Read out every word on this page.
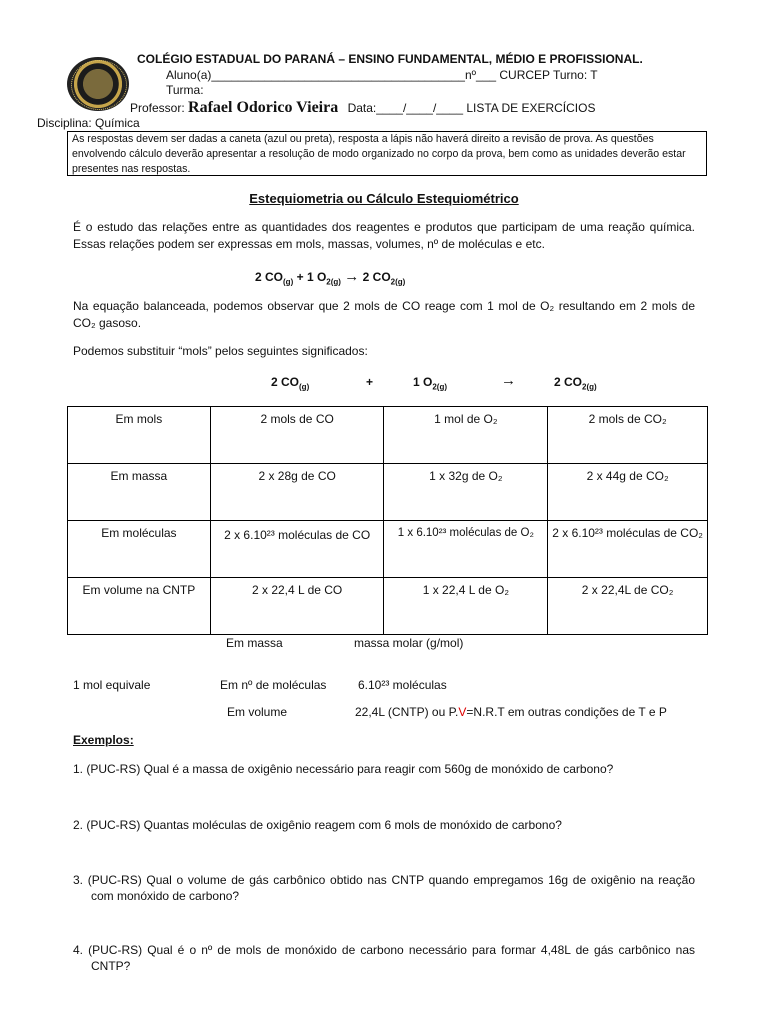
COLÉGIO ESTADUAL DO PARANÁ – ENSINO FUNDAMENTAL, MÉDIO E PROFISSIONAL.
Aluno(a)______________________________________nº___ CURCEP Turno: T
Turma:
Professor: Rafael Odorico Vieira Data:____/____/____ LISTA DE EXERCÍCIOS
Disciplina: Química
As respostas devem ser dadas a caneta (azul ou preta), resposta a lápis não haverá direito a revisão de prova. As questões envolvendo cálculo deverão apresentar a resolução de modo organizado no corpo da prova, bem como as unidades deverão estar presentes nas respostas.
Estequiometria ou Cálculo Estequiométrico
É o estudo das relações entre as quantidades dos reagentes e produtos que participam de uma reação química. Essas relações podem ser expressas em mols, massas, volumes, nº de moléculas e etc.
2 $CO_{(g)} + 1$ $O_{2(g)} \to 2$ $CO_{2(g)}$
Na equação balanceada, podemos observar que 2 mols de CO reage com 1 mol de O₂ resultando em 2 mols de CO₂ gasoso.
Podemos substituir “mols” pelos seguintes significados:
2 $CO_{(g)}$	+	1 $O_{2(g)}$	→	2 $CO_{2(g)}$
Em mols	2 mols de CO	1 mol de O₂	2 mols de CO₂
Em massa	2 x 28g de CO	1 x 32g de O₂	2 x 44g de CO₂
Em moléculas	2 x 6.10²³ moléculas de CO	1 x 6.10²³ moléculas de O₂	2 x 6.10²³ moléculas de CO₂
Em volume na CNTP	2 x 22,4 L de CO	1 x 22,4 L de O₂	2 x 22,4L de CO₂
Em massa	massa molar (g/mol)
1 mol equivale	Em nº de moléculas	6.10²³ moléculas
Em volume	22,4L (CNTP) ou P.V=N.R.T em outras condições de T e P
Exemplos:
1. (PUC-RS) Qual é a massa de oxigênio necessário para reagir com 560g de monóxido de carbono?
2. (PUC-RS) Quantas moléculas de oxigênio reagem com 6 mols de monóxido de carbono?
3. (PUC-RS) Qual o volume de gás carbônico obtido nas CNTP quando empregamos 16g de oxigênio na reação com monóxido de carbono?
4. (PUC-RS) Qual é o nº de mols de monóxido de carbono necessário para formar 4,48L de gás carbônico nas CNTP?
